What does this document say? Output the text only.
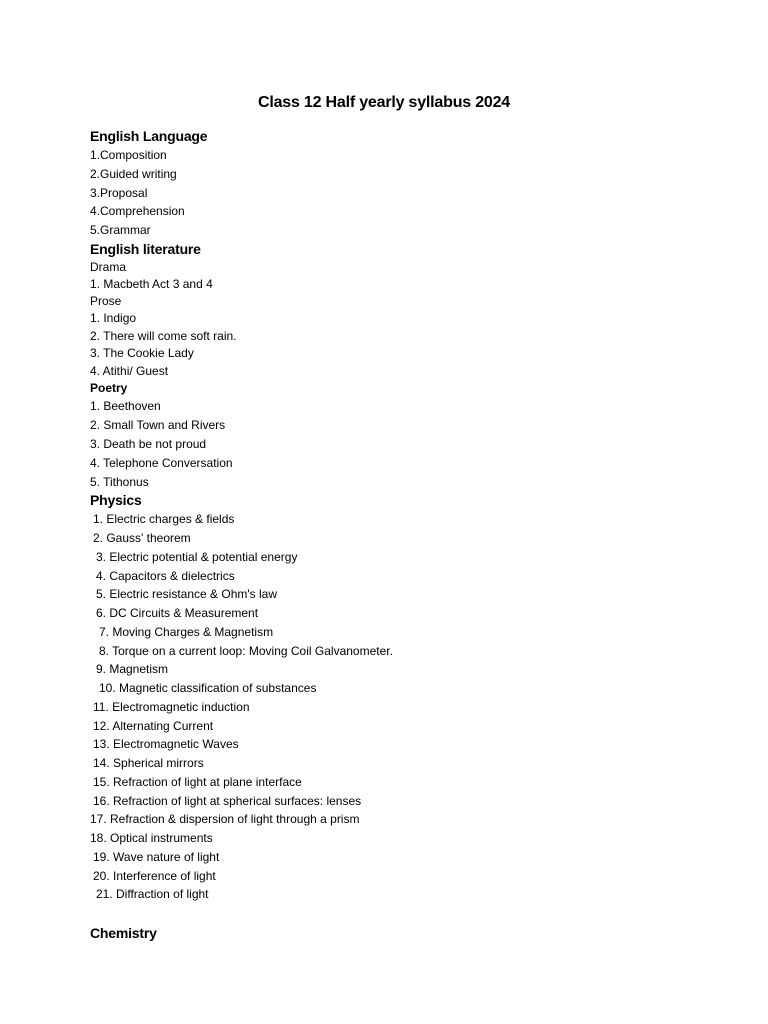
Class 12 Half yearly syllabus 2024
English Language
1.Composition
2.Guided writing
3.Proposal
4.Comprehension
5.Grammar
English literature
Drama
1. Macbeth Act 3 and 4
Prose
1. Indigo
2. There will come soft rain.
3. The Cookie Lady
4. Atithi/ Guest
Poetry
1. Beethoven
2. Small Town and Rivers
3. Death be not proud
4. Telephone Conversation
5. Tithonus
Physics
1. Electric charges & fields
2. Gauss' theorem
3. Electric potential & potential energy
4. Capacitors & dielectrics
5. Electric resistance & Ohm's law
6. DC Circuits & Measurement
7. Moving Charges & Magnetism
8. Torque on a current loop: Moving Coil Galvanometer.
9. Magnetism
10. Magnetic classification of substances
11. Electromagnetic induction
12. Alternating Current
13. Electromagnetic Waves
14. Spherical mirrors
15. Refraction of light at plane interface
16. Refraction of light at spherical surfaces: lenses
17. Refraction & dispersion of light through a prism
18. Optical instruments
19. Wave nature of light
20. Interference of light
21. Diffraction of light
Chemistry
